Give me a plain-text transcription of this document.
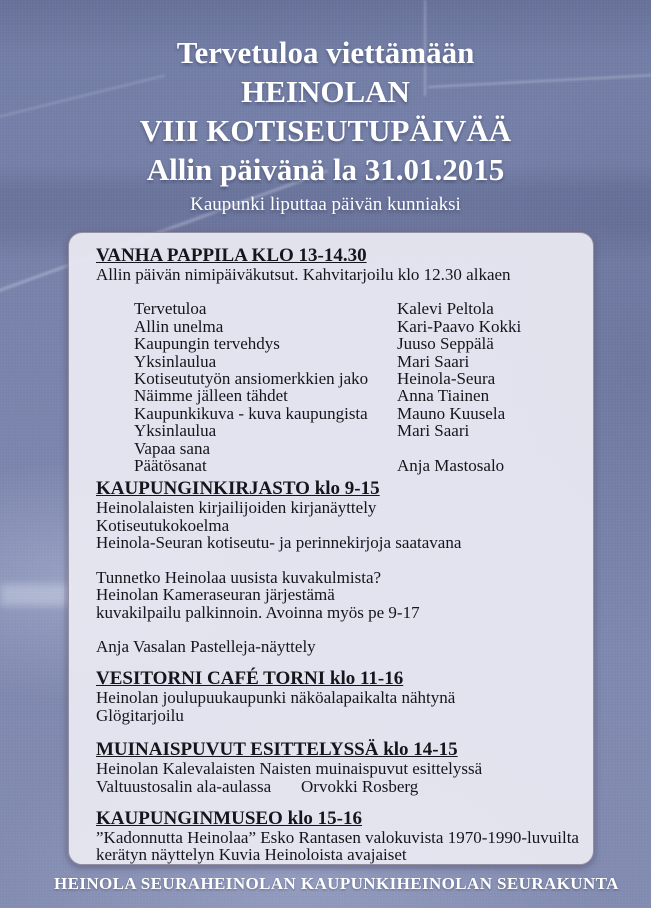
Tervetuloa viettämään
HEINOLAN
VIII KOTISEUTUPÄIVÄÄ
Allin päivänä la 31.01.2015
Kaupunki liputtaa päivän kunniaksi
VANHA PAPPILA KLO 13-14.30
Allin päivän nimipäiväkutsut. Kahvitarjoilu klo 12.30 alkaen
Tervetuloa	Kalevi Peltola
Allin unelma	Kari-Paavo Kokki
Kaupungin tervehdys	Juuso Seppälä
Yksinlaulua	Mari Saari
Kotiseututyön ansiomerkkien jako	Heinola-Seura
Näimme jälleen tähdet	Anna Tiainen
Kaupunkikuva - kuva kaupungista	Mauno Kuusela
Yksinlaulua	Mari Saari
Vapaa sana
Päätösanat	Anja Mastosalo
KAUPUNGINKIRJASTO klo 9-15
Heinolalaisten kirjailijoiden kirjanäyttely
Kotiseutukokoelma
Heinola-Seuran kotiseutu- ja perinnekirjoja saatavana
Tunnetko Heinolaa uusista kuvakulmista?
Heinolan Kameraseuran järjestämä
kuvakilpailu palkinnoin. Avoinna myös pe 9-17
Anja Vasalan Pastelleja-näyttely
VESITORNI CAFÉ TORNI klo 11-16
Heinolan joulupuukaupunki näköalapaikalta nähtynä
Glögitarjoilu
MUINAISPUVUT ESITTELYSSÄ klo 14-15
Heinolan Kalevalaisten Naisten muinaispuvut esittelyssä
Valtuustosalin ala-aulassa	Orvokki Rosberg
KAUPUNGINMUSEO klo 15-16
”Kadonnutta Heinolaa” Esko Rantasen valokuvista 1970-1990-luvuilta
kerätyn näyttelyn Kuvia Heinoloista avajaiset
HEINOLA SEURA HEINOLAN KAUPUNKI HEINOLAN SEURAKUNTA
